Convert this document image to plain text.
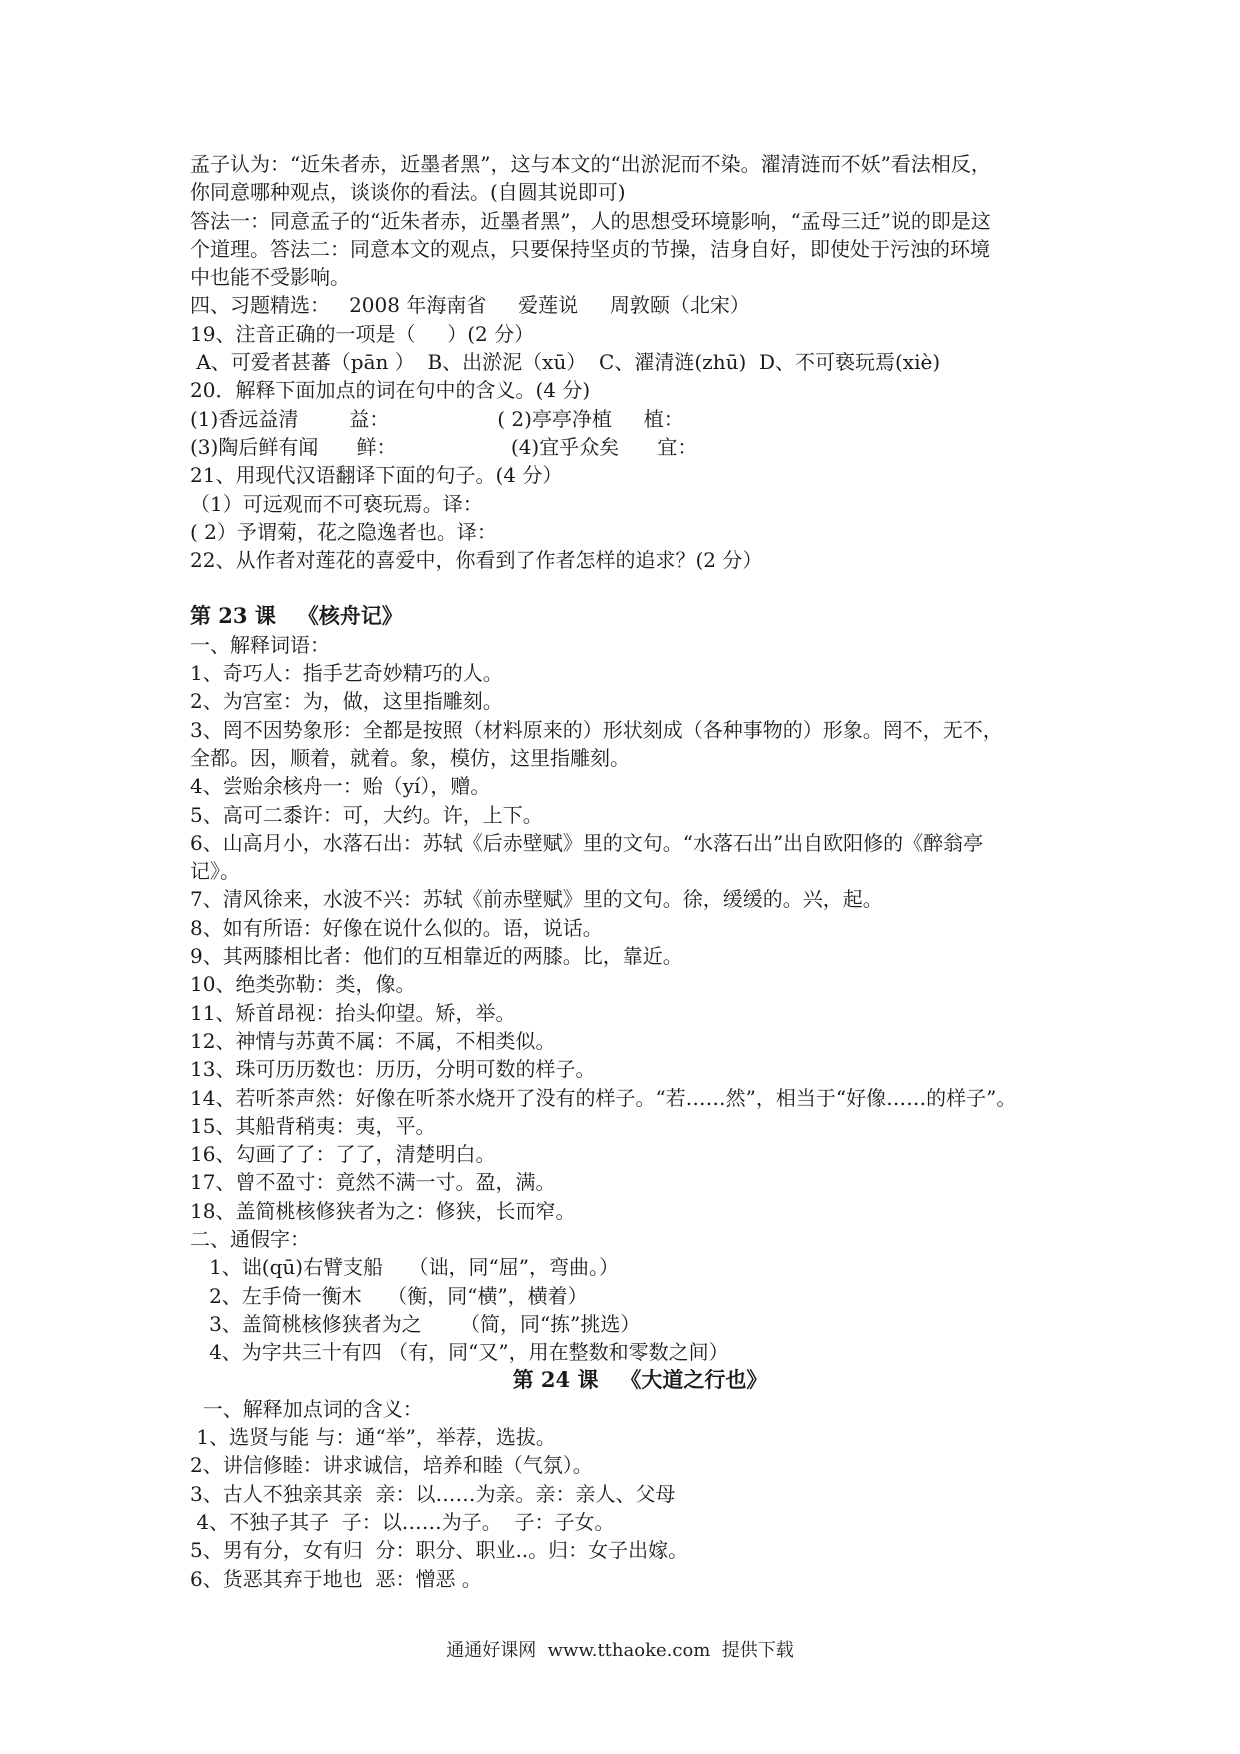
孟子认为：“近朱者赤，近墨者黑”，这与本文的“出淤泥而不染。濯清涟而不妖”看法相反，
你同意哪种观点，谈谈你的看法。(自圆其说即可)
答法一：同意孟子的“近朱者赤，近墨者黑”，人的思想受环境影响，“孟母三迁”说的即是这
个道理。答法二：同意本文的观点，只要保持坚贞的节操，洁身自好，即使处于污浊的环境
中也能不受影响。
四、习题精选：   2008 年海南省     爱莲说     周敦颐（北宋）
19、注音正确的一项是（     ）(2 分）
A、可爱者甚蕃（pān ）  B、出淤泥（xū）  C、濯清涟(zhū)  D、不可亵玩焉(xiè)
20．解释下面加点的词在句中的含义。(4 分)
(1)香远益清        益：                 ( 2)亭亭净植     植：
(3)陶后鲜有闻      鲜：                  (4)宜乎众矣      宜：
21、用现代汉语翻译下面的句子。(4 分）
（1）可远观而不可亵玩焉。译：
( 2）予谓菊，花之隐逸者也。译：
22、从作者对莲花的喜爱中，你看到了作者怎样的追求？(2 分）
第 23 课   《核舟记》
一、解释词语：
1、奇巧人：指手艺奇妙精巧的人。
2、为宫室：为，做，这里指雕刻。
3、罔不因势象形：全都是按照（材料原来的）形状刻成（各种事物的）形象。罔不，无不，
全都。因，顺着，就着。象，模仿，这里指雕刻。
4、尝贻余核舟一：贻（yí），赠。
5、高可二黍许：可，大约。许，上下。
6、山高月小，水落石出：苏轼《后赤壁赋》里的文句。“水落石出”出自欧阳修的《醉翁亭
记》。
7、清风徐来，水波不兴：苏轼《前赤壁赋》里的文句。徐，缓缓的。兴，起。
8、如有所语：好像在说什么似的。语，说话。
9、其两膝相比者：他们的互相靠近的两膝。比，靠近。
10、绝类弥勒：类，像。
11、矫首昂视：抬头仰望。矫，举。
12、神情与苏黄不属：不属，不相类似。
13、珠可历历数也：历历，分明可数的样子。
14、若听茶声然：好像在听茶水烧开了没有的样子。“若……然”，相当于“好像……的样子”。
15、其船背稍夷：夷，平。
16、勾画了了：了了，清楚明白。
17、曾不盈寸：竟然不满一寸。盈，满。
18、盖简桃核修狭者为之：修狭，长而窄。
二、通假字：
1、诎(qū)右臂支船    （诎，同“屈”，弯曲。）
2、左手倚一衡木    （衡，同“横”，横着）
3、盖简桃核修狭者为之      （简，同“拣”挑选）
4、为字共三十有四 （有，同“又”，用在整数和零数之间）
第 24 课   《大道之行也》
一、解释加点词的含义：
1、选贤与能 与：通“举”，举荐，选拔。
2、讲信修睦：讲求诚信，培养和睦（气氛）。
3、古人不独亲其亲  亲：以……为亲。亲：亲人、父母
4、不独子其子  子：以……为子。  子：子女。
5、男有分，女有归  分：职分、职业..。归：女子出嫁。
6、货恶其弃于地也  恶：憎恶 。
通通好课网  www.tthaoke.com  提供下载
